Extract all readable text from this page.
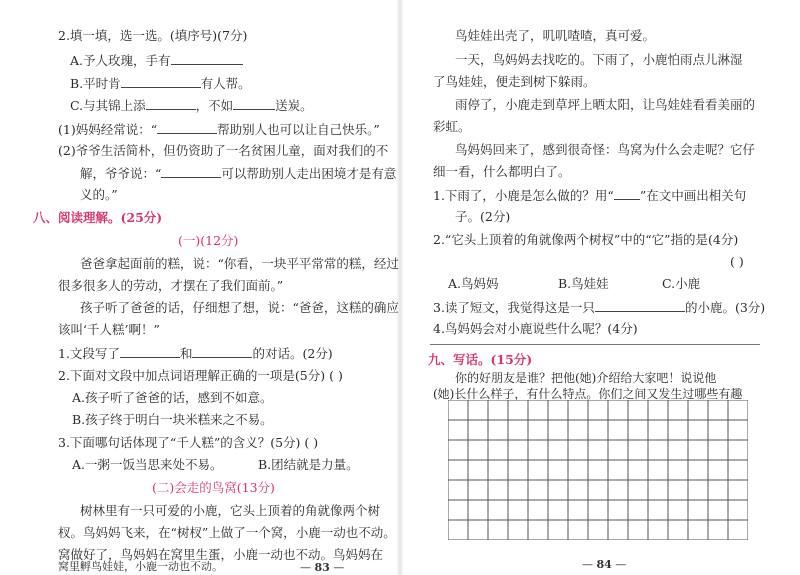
2.填一填，选一选。(填序号)(7分)
A.予人玫瑰，手有
B.平时肯	有人帮。
C.与其锦上添	，不如	送炭。
(1)妈妈经常说：“	帮助别人也可以让自己快乐。”
(2)爷爷生活简朴，但仍资助了一名贫困儿童，面对我们的不
解，爷爷说：“	可以帮助别人走出困境才是有意
义的。”
八、阅读理解。(25分)
(一)(12分)
爸爸拿起面前的糕，说：“你看，一块平平常常的糕，经过
很多很多人的劳动，才摆在了我们面前。”
孩子听了爸爸的话，仔细想了想，说：“爸爸，这糕的确应
该叫‘千人糕’啊！”
1.文段写了	和	的对话。(2分)
2.下面对文段中加点词语理解正确的一项是(5分) ( )
A.孩子听了爸爸的话，感到不如意。
B.孩子终于明白一块米糕来之不易。
3.下面哪句话体现了“千人糕”的含义？(5分) ( )
A.一粥一饭当思来处不易。	B.团结就是力量。
(二)会走的鸟窝(13分)
树林里有一只可爱的小鹿，它头上顶着的角就像两个树
杈。鸟妈妈飞来，在“树杈”上做了一个窝，小鹿一动也不动。
窝做好了，鸟妈妈在窝里生蛋，小鹿一动也不动。鸟妈妈在
鸟娃娃出壳了，叽叽喳喳，真可爱。
一天，鸟妈妈去找吃的。下雨了，小鹿怕雨点儿淋湿
了鸟娃娃，便走到树下躲雨。
雨停了，小鹿走到草坪上晒太阳，让鸟娃娃看看美丽的
彩虹。
鸟妈妈回来了，感到很奇怪：鸟窝为什么会走呢？它仔
细一看，什么都明白了。
1.下雨了，小鹿是怎么做的？用“ ”在文中画出相关句
子。(2分)
2.“它头上顶着的角就像两个树杈”中的“它”指的是(4分)
( )
A.鸟妈妈	B.鸟娃娃	C.小鹿
3.读了短文，我觉得这是一只	的小鹿。(3分)
4.鸟妈妈会对小鹿说些什么呢？(4分)
九、写话。(15分)
你的好朋友是谁？把他(她)介绍给大家吧！说说他
(她)长什么样子，有什么特点。你们之间又发生过哪些有趣
— 84 —
窝里孵鸟娃娃，小鹿一动也不动。	— 83 —
